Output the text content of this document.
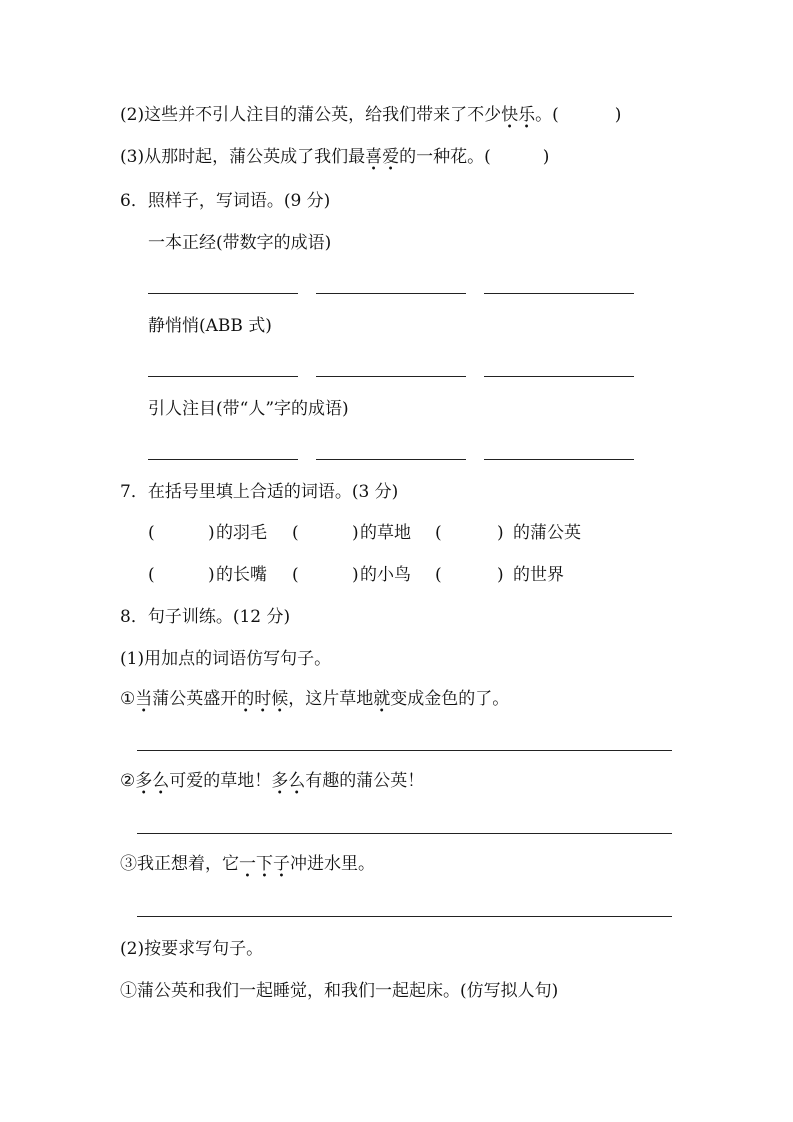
(2)这些并不引人注目的蒲公英，给我们带来了不少快
•
乐
•
。(	)
(3)从那时起，蒲公英成了我们最喜
•
爱
•
的一种花。(	)
6．照样子，写词语。(9 分)
一本正经(带数字的成语)
静悄悄(ABB 式)
引人注目(带“人”字的成语)
7．在括号里填上合适的词语。(3 分)
(	) 的羽毛 (	) 的草地 (	) 的蒲公英
(	) 的长嘴 (	) 的小鸟 (	) 的世界
8．句子训练。(12 分)
(1)用加点的词语仿写句子。
①当
•
蒲公英盛开的
•
时
•
候
•
，这片草地就
•
变成金色的了。
②多
•
么
•
可爱的草地！多
•
么
•
有趣的蒲公英！
③我正想着，它一
•
下
•
子
•
冲进水里。
(2)按要求写句子。
①蒲公英和我们一起睡觉，和我们一起起床。(仿写拟人句)
